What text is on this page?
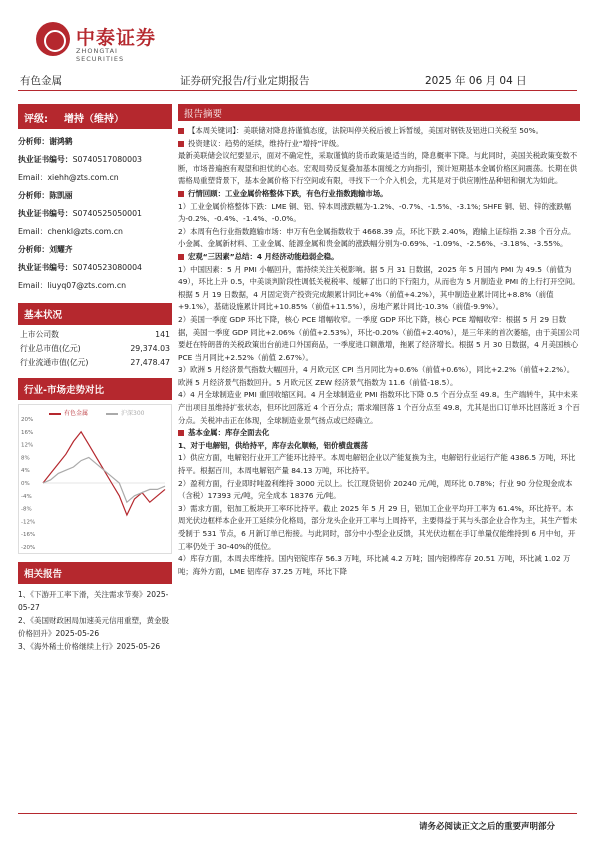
中泰证券
ZHONGTAI SECURITIES
有色金属	证券研究报告/行业定期报告	2025 年 06 月 04 日
评级: 增持（维持）
分析师：谢鸿鹤
执业证书编号：S0740517080003
Email：xiehh@zts.com.cn
分析师：陈凯丽
执业证书编号：S0740525050001
Email：chenkl@zts.com.cn
分析师：刘耀齐
执业证书编号：S0740523080004
Email：liuyq07@zts.com.cn
基本状况
上市公司数	141
行业总市值(亿元)	29,374.03
行业流通市值(亿元)	27,478.47
行业-市场走势对比
有色金属	沪深300
20%
16%
12%
8%
4%
0%
-4%
-8%
-12%
-16%
-20%
相关报告
1、《下游开工率下滑，关注需求节奏》2025-05-27
2、《美国财政困局加速美元信用重塑，黄金股价格回升》2025-05-26
3、《海外稀土价格继续上行》2025-05-26
报告摘要
【本周关键词】：美联储对降息持谨慎态度，法院叫停关税后被上诉暂缓，美国对钢铁及铝进口关税至 50%。
投资建议：趋势的延续，维持行业“增持”评级。
最新美联储会议纪要显示，面对不确定性，采取谨慎的货币政策是适当的，降息概率下降。与此同时，美国关税政策变数不断，市场普遍抱有观望和担忧的心态。宏观局势反复叠加基本面缓之方向指引，预计短期基本金属价格区间震荡。长期在供需格局重塑背景下，基本金属价格下行空间或有限，寻找下一个介入机会，尤其是对于供应刚性品种铝和铜尤为如此。
行情回顾：工业金属价格整体下跌，有色行业指数跑输市场。
1）工业金属价格整体下跌：LME 铜、铝、锌本周涨跌幅为-1.2%、-0.7%、-1.5%、-3.1%; SHFE 铜、铝、锌的涨跌幅为-0.2%、-0.4%、-1.4%、-0.0%。
2）本周有色行业指数跑输市场：申万有色金属指数收于 4668.39 点，环比下跌 2.40%，跑输上证综指 2.38 个百分点。小金属、金属新材料、工业金属、能源金属和贵金属的涨跌幅分别为-0.69%、-1.09%、-2.56%、-3.18%、-3.55%。
宏观“三因素”总结：4 月经济动能趋弱企稳。
1）中国因素：5 月 PMI 小幅回升，需持续关注关税影响。据 5 月 31 日数据，2025 年 5 月国内 PMI 为 49.5（前值为 49），环比上升 0.5，中美谈判阶段性调低关税税率、缓解了出口的下行阻力，从而也为 5 月制造业 PMI 的上行打开空间。根据 5 月 19 日数据，4 月固定资产投资完成额累计同比+4%（前值+4.2%），其中制造业累计同比+8.8%（前值+9.1%），基础设施累计同比+10.85%（前值+11.5%），房地产累计同比-10.3%（前值-9.9%）。
2）美国一季度 GDP 环比下降，核心 PCE 增幅收窄。一季度 GDP 环比下降，核心 PCE 增幅收窄：根据 5 月 29 日数据，美国一季度 GDP 同比+2.06%（前值+2.53%），环比-0.20%（前值+2.40%），是三年来的首次萎缩，由于美国公司要赶在特朗普的关税政策出台前进口外国商品，一季度进口额激增，拖累了经济增长。根据 5 月 30 日数据，4 月美国核心 PCE 当月同比+2.52%（前值 2.67%）。
3）欧洲 5 月经济景气指数大幅回升，4 月欧元区 CPI 当月同比为+0.6%（前值+0.6%），同比+2.2%（前值+2.2%）。欧洲 5 月经济景气指数回升。5 月欧元区 ZEW 经济景气指数为 11.6（前值-18.5）。
4）4 月全球制造业 PMI 重回收缩区间。4 月全球制造业 PMI 指数环比下降 0.5 个百分点至 49.8。生产端转牛，其中未来产出项目虽维持扩张状态，但环比回落近 4 个百分点；需求端回落 1 个百分点至 49.8，尤其是出口订单环比回落近 3 个百分点。关税冲击正在体现，全球制造业景气扬点或已经确立。
基本金属：库存全面去化
1、对于电解铝，供给持平，库存去化顺畅，铝价横盘震荡
1）供应方面，电解铝行业开工产能环比持平。本周电解铝企业以产能复换为主，电解铝行业运行产能 4386.5 万吨，环比持平。根据百川，本周电解铝产量 84.13 万吨，环比持平。
2）盈利方面，行业即时吨盈利维持 3000 元以上。长江现货铝价 20240 元/吨，周环比 0.78%；行业 90 分位现金成本（含税）17393 元/吨，完全成本 18376 元/吨。
3）需求方面，铝加工板块开工率环比持平。截止 2025 年 5 月 29 日，铝加工企业平均开工率为 61.4%，环比持平。本周光伏边框样本企业开工延续分化格局，部分龙头企业开工率与上周持平，主要得益于其与头部企业合作为主，其生产暂未受制于 531 节点，6 月新订单已衔接。与此同时，部分中小型企业反馈，其光伏边框在手订单量仅能维持到 6 月中旬，开工率仍处于 30-40%的低位。
4）库存方面，本周去库维持。国内铝锭库存 56.3 万吨，环比减 4.2 万吨；国内铝棒库存 20.51 万吨，环比减 1.02 万吨；海外方面，LME 铝库存 37.25 万吨，环比下降
请务必阅读正文之后的重要声明部分
